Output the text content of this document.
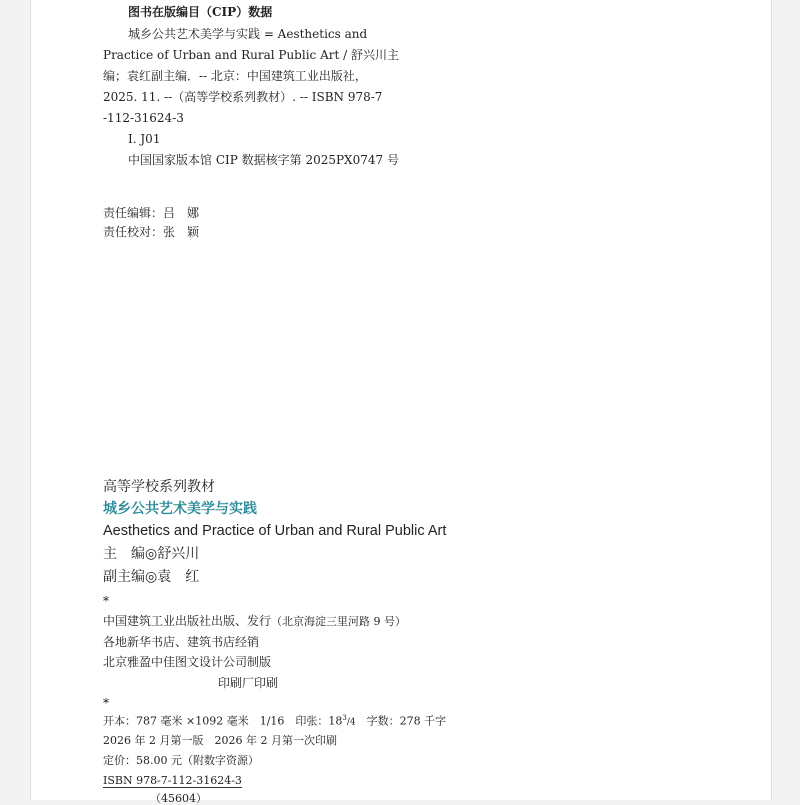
图书在版编目（CIP）数据
城乡公共艺术美学与实践 = Aesthetics and
Practice of Urban and Rural Public Art / 舒兴川主
编；袁红副主编．-- 北京：中国建筑工业出版社，
2025. 11. --（高等学校系列教材）. -- ISBN 978-7
-112-31624-3
Ⅰ. J01
中国国家版本馆 CIP 数据核字第 2025PX0747 号
责任编辑：吕　娜
责任校对：张　颖
高等学校系列教材
城乡公共艺术美学与实践
Aesthetics and Practice of Urban and Rural Public Art
主　编◎舒兴川
副主编◎袁　红
*
中国建筑工业出版社出版、发行（北京海淀三里河路 9 号）
各地新华书店、建筑书店经销
北京雅盈中佳图文设计公司制版
印刷厂印刷
*
开本：787 毫米 ×1092 毫米　1/16　印张：$18^3/4$　 字数：278 千字
2026 年 2 月第一版　2026 年 2 月第一次印刷
定价：58.00 元（附数字资源）
ISBN 978-7-112-31624-3
（45604）
